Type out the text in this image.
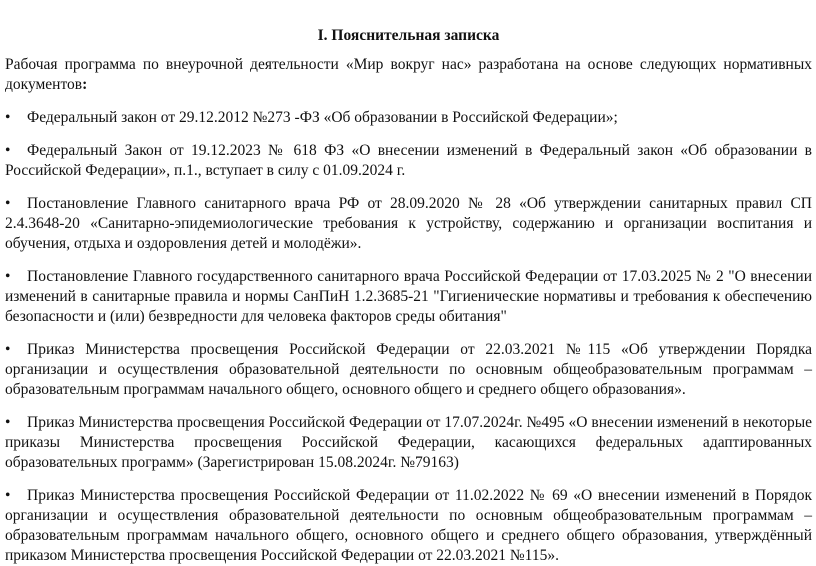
I. Пояснительная записка
Рабочая программа по внеурочной деятельности «Мир вокруг нас» разработана на основе следующих нормативных документов:
• Федеральный закон от 29.12.2012 №273 -ФЗ «Об образовании в Российской Федерации»;
• Федеральный Закон от 19.12.2023 № 618 ФЗ «О внесении изменений в Федеральный закон «Об образовании в Российской Федерации», п.1., вступает в силу с 01.09.2024 г.
• Постановление Главного санитарного врача РФ от 28.09.2020 № 28 «Об утверждении санитарных правил СП 2.4.3648-20 «Санитарно-эпидемиологические требования к устройству, содержанию и организации воспитания и обучения, отдыха и оздоровления детей и молодёжи».
• Постановление Главного государственного санитарного врача Российской Федерации от 17.03.2025 № 2 "О внесении изменений в санитарные правила и нормы СанПиН 1.2.3685-21 "Гигиенические нормативы и требования к обеспечению безопасности и (или) безвредности для человека факторов среды обитания"
• Приказ Министерства просвещения Российской Федерации от 22.03.2021 №115 «Об утверждении Порядка организации и осуществления образовательной деятельности по основным общеобразовательным программам – образовательным программам начального общего, основного общего и среднего общего образования».
• Приказ Министерства просвещения Российской Федерации от 17.07.2024г. №495 «О внесении изменений в некоторые приказы Министерства просвещения Российской Федерации, касающихся федеральных адаптированных образовательных программ» (Зарегистрирован 15.08.2024г. №79163)
• Приказ Министерства просвещения Российской Федерации от 11.02.2022 № 69 «О внесении изменений в Порядок организации и осуществления образовательной деятельности по основным общеобразовательным программам – образовательным программам начального общего, основного общего и среднего общего образования, утверждённый приказом Министерства просвещения Российской Федерации от 22.03.2021 №115».
